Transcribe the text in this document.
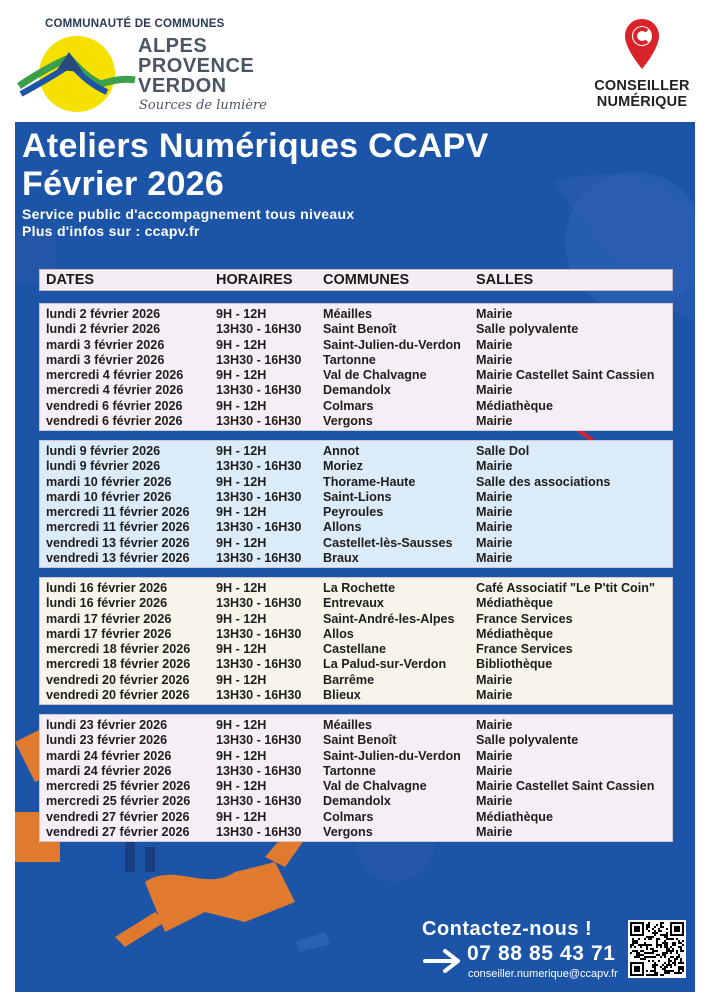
COMMUNAUTÉ DE COMMUNES
ALPES
PROVENCE
VERDON
Sources de lumière
CONSEILLER
NUMÉRIQUE
Ateliers Numériques CCAPV
Février 2026
Service public d'accompagnement tous niveaux
Plus d'infos sur : ccapv.fr
DATES	HORAIRES COMMUNES	SALLES
lundi 2 février 2026	9H - 12H	Méailles	Mairie
lundi 2 février 2026	13H30 - 16H30 Saint Benoît	Salle polyvalente
mardi 3 février 2026	9H - 12H	Saint-Julien-du-Verdon Mairie
mardi 3 février 2026	13H30 - 16H30 Tartonne	Mairie
mercredi 4 février 2026	9H - 12H	Val de Chalvagne	Mairie Castellet Saint Cassien
mercredi 4 février 2026	13H30 - 16H30 Demandolx	Mairie
vendredi 6 février 2026	9H - 12H	Colmars	Médiathèque
vendredi 6 février 2026	13H30 - 16H30 Vergons	Mairie
lundi 9 février 2026	9H - 12H	Annot	Salle Dol
lundi 9 février 2026	13H30 - 16H30 Moriez	Mairie
mardi 10 février 2026	9H - 12H	Thorame-Haute	Salle des associations
mardi 10 février 2026	13H30 - 16H30 Saint-Lions	Mairie
mercredi 11 février 2026 9H - 12H	Peyroules	Mairie
mercredi 11 février 2026 13H30 - 16H30 Allons	Mairie
vendredi 13 février 2026 9H - 12H	Castellet-lès-Sausses Mairie
vendredi 13 février 2026 13H30 - 16H30 Braux	Mairie
lundi 16 février 2026	9H - 12H	La Rochette	Café Associatif "Le P'tit Coin"
lundi 16 février 2026	13H30 - 16H30 Entrevaux	Médiathèque
mardi 17 février 2026	9H - 12H	Saint-André-les-Alpes France Services
mardi 17 février 2026	13H30 - 16H30 Allos	Médiathèque
mercredi 18 février 2026 9H - 12H	Castellane	France Services
mercredi 18 février 2026 13H30 - 16H30 La Palud-sur-Verdon Bibliothèque
vendredi 20 février 2026 9H - 12H	Barrême	Mairie
vendredi 20 février 2026 13H30 - 16H30 Blieux	Mairie
lundi 23 février 2026	9H - 12H	Méailles	Mairie
lundi 23 février 2026	13H30 - 16H30 Saint Benoît	Salle polyvalente
mardi 24 février 2026	9H - 12H	Saint-Julien-du-Verdon Mairie
mardi 24 février 2026	13H30 - 16H30 Tartonne	Mairie
mercredi 25 février 2026 9H - 12H	Val de Chalvagne	Mairie Castellet Saint Cassien
mercredi 25 février 2026 13H30 - 16H30 Demandolx	Mairie
vendredi 27 février 2026 9H - 12H	Colmars	Médiathèque
vendredi 27 février 2026 13H30 - 16H30 Vergons	Mairie
Contactez-nous !
07 88 85 43 71
conseiller.numerique@ccapv.fr
